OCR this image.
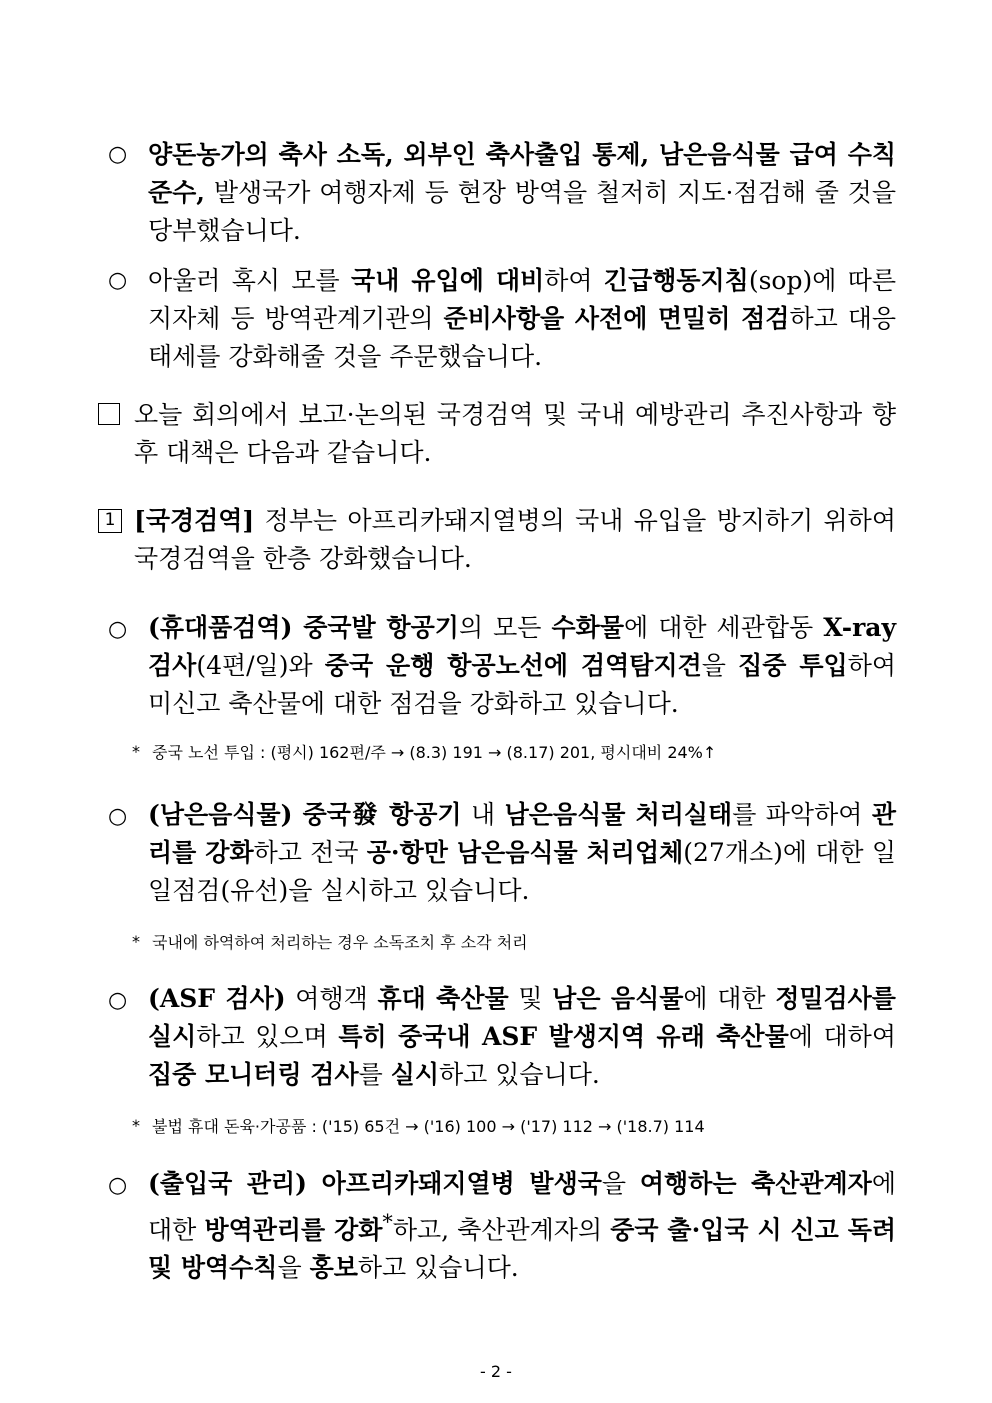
○ 양돈농가의 축사 소독, 외부인 축사출입 통제, 남은음식물 급여 수칙 준수, 발생국가 여행자제 등 현장 방역을 철저히 지도·점검해 줄 것을 당부했습니다.
○ 아울러 혹시 모를 국내 유입에 대비하여 긴급행동지침(sop)에 따른 지자체 등 방역관계기관의 준비사항을 사전에 면밀히 점검하고 대응태세를 강화해줄 것을 주문했습니다.
오늘 회의에서 보고·논의된 국경검역 및 국내 예방관리 추진사항과 향후 대책은 다음과 같습니다.
1 [국경검역] 정부는 아프리카돼지열병의 국내 유입을 방지하기 위하여 국경검역을 한층 강화했습니다.
○ (휴대품검역) 중국발 항공기의 모든 수화물에 대한 세관합동 X-ray 검사(4편/일)와 중국 운행 항공노선에 검역탐지견을 집중 투입하여 미신고 축산물에 대한 점검을 강화하고 있습니다.
* 중국 노선 투입 : (평시) 162편/주 → (8.3) 191 → (8.17) 201, 평시대비 24%↑
○ (남은음식물) 중국發 항공기 내 남은음식물 처리실태를 파악하여 관리를 강화하고 전국 공·항만 남은음식물 처리업체(27개소)에 대한 일일점검(유선)을 실시하고 있습니다.
* 국내에 하역하여 처리하는 경우 소독조치 후 소각 처리
○ (ASF 검사) 여행객 휴대 축산물 및 남은 음식물에 대한 정밀검사를 실시하고 있으며 특히 중국내 ASF 발생지역 유래 축산물에 대하여 집중 모니터링 검사를 실시하고 있습니다.
* 불법 휴대 돈육·가공품 : ('15) 65건 → ('16) 100 → ('17) 112 → ('18.7) 114
○ (출입국 관리) 아프리카돼지열병 발생국을 여행하는 축산관계자에 대한 방역관리를 강화*하고, 축산관계자의 중국 출·입국 시 신고 독려 및 방역수칙을 홍보하고 있습니다.
- 2 -
